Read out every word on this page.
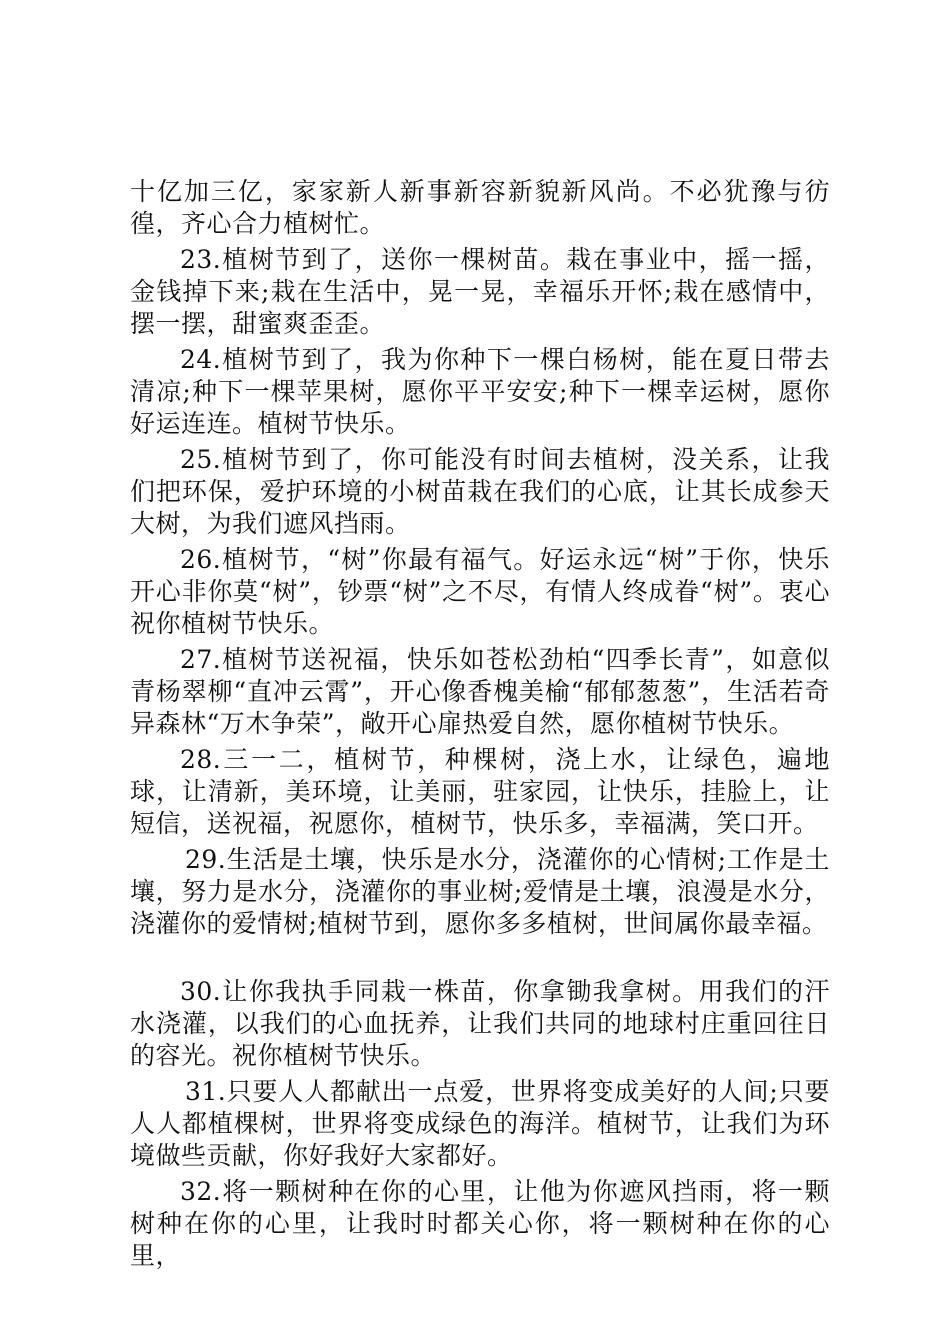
十亿加三亿，家家新人新事新容新貌新风尚。不必犹豫与彷徨，齐心合力植树忙。

23.植树节到了，送你一棵树苗。栽在事业中，摇一摇，金钱掉下来;栽在生活中，晃一晃，幸福乐开怀;栽在感情中，摆一摆，甜蜜爽歪歪。

24.植树节到了，我为你种下一棵白杨树，能在夏日带去清凉;种下一棵苹果树，愿你平平安安;种下一棵幸运树，愿你好运连连。植树节快乐。

25.植树节到了，你可能没有时间去植树，没关系，让我们把环保，爱护环境的小树苗栽在我们的心底，让其长成参天大树，为我们遮风挡雨。

26.植树节，“树”你最有福气。好运永远“树”于你，快乐开心非你莫“树”，钞票“树”之不尽，有情人终成眷“树”。衷心祝你植树节快乐。

27.植树节送祝福，快乐如苍松劲柏“四季长青”，如意似青杨翠柳“直冲云霄”，开心像香槐美榆“郁郁葱葱”，生活若奇异森林“万木争荣”，敞开心扉热爱自然，愿你植树节快乐。

28.三一二，植树节，种棵树，浇上水，让绿色，遍地球，让清新，美环境，让美丽，驻家园，让快乐，挂脸上，让短信，送祝福，祝愿你，植树节，快乐多，幸福满，笑口开。

29.生活是土壤，快乐是水分，浇灌你的心情树;工作是土壤，努力是水分，浇灌你的事业树;爱情是土壤，浪漫是水分，浇灌你的爱情树;植树节到，愿你多多植树，世间属你最幸福。

30.让你我执手同栽一株苗，你拿锄我拿树。用我们的汗水浇灌，以我们的心血抚养，让我们共同的地球村庄重回往日的容光。祝你植树节快乐。

31.只要人人都献出一点爱，世界将变成美好的人间;只要人人都植棵树，世界将变成绿色的海洋。植树节，让我们为环境做些贡献，你好我好大家都好。

32.将一颗树种在你的心里，让他为你遮风挡雨，将一颗树种在你的心里，让我时时都关心你，将一颗树种在你的心里，
